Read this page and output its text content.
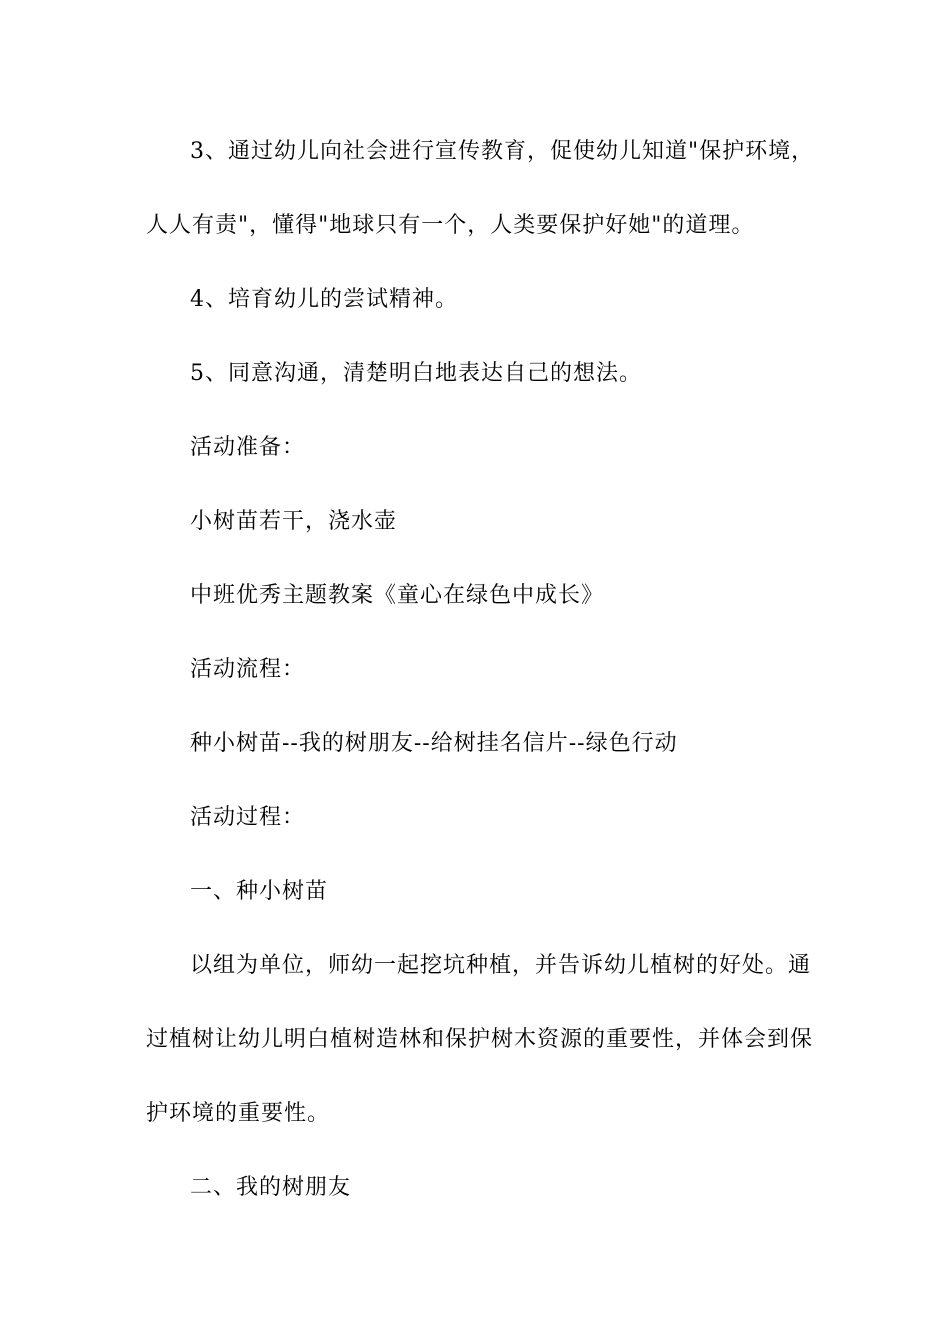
3、通过幼儿向社会进行宣传教育，促使幼儿知道"保护环境，
人人有责"，懂得"地球只有一个，人类要保护好她"的道理。
4、培育幼儿的尝试精神。
5、同意沟通，清楚明白地表达自己的想法。
活动准备：
小树苗若干，浇水壶
中班优秀主题教案《童心在绿色中成长》
活动流程：
种小树苗--我的树朋友--给树挂名信片--绿色行动
活动过程：
一、种小树苗
以组为单位，师幼一起挖坑种植，并告诉幼儿植树的好处。通
过植树让幼儿明白植树造林和保护树木资源的重要性，并体会到保
护环境的重要性。
二、我的树朋友
